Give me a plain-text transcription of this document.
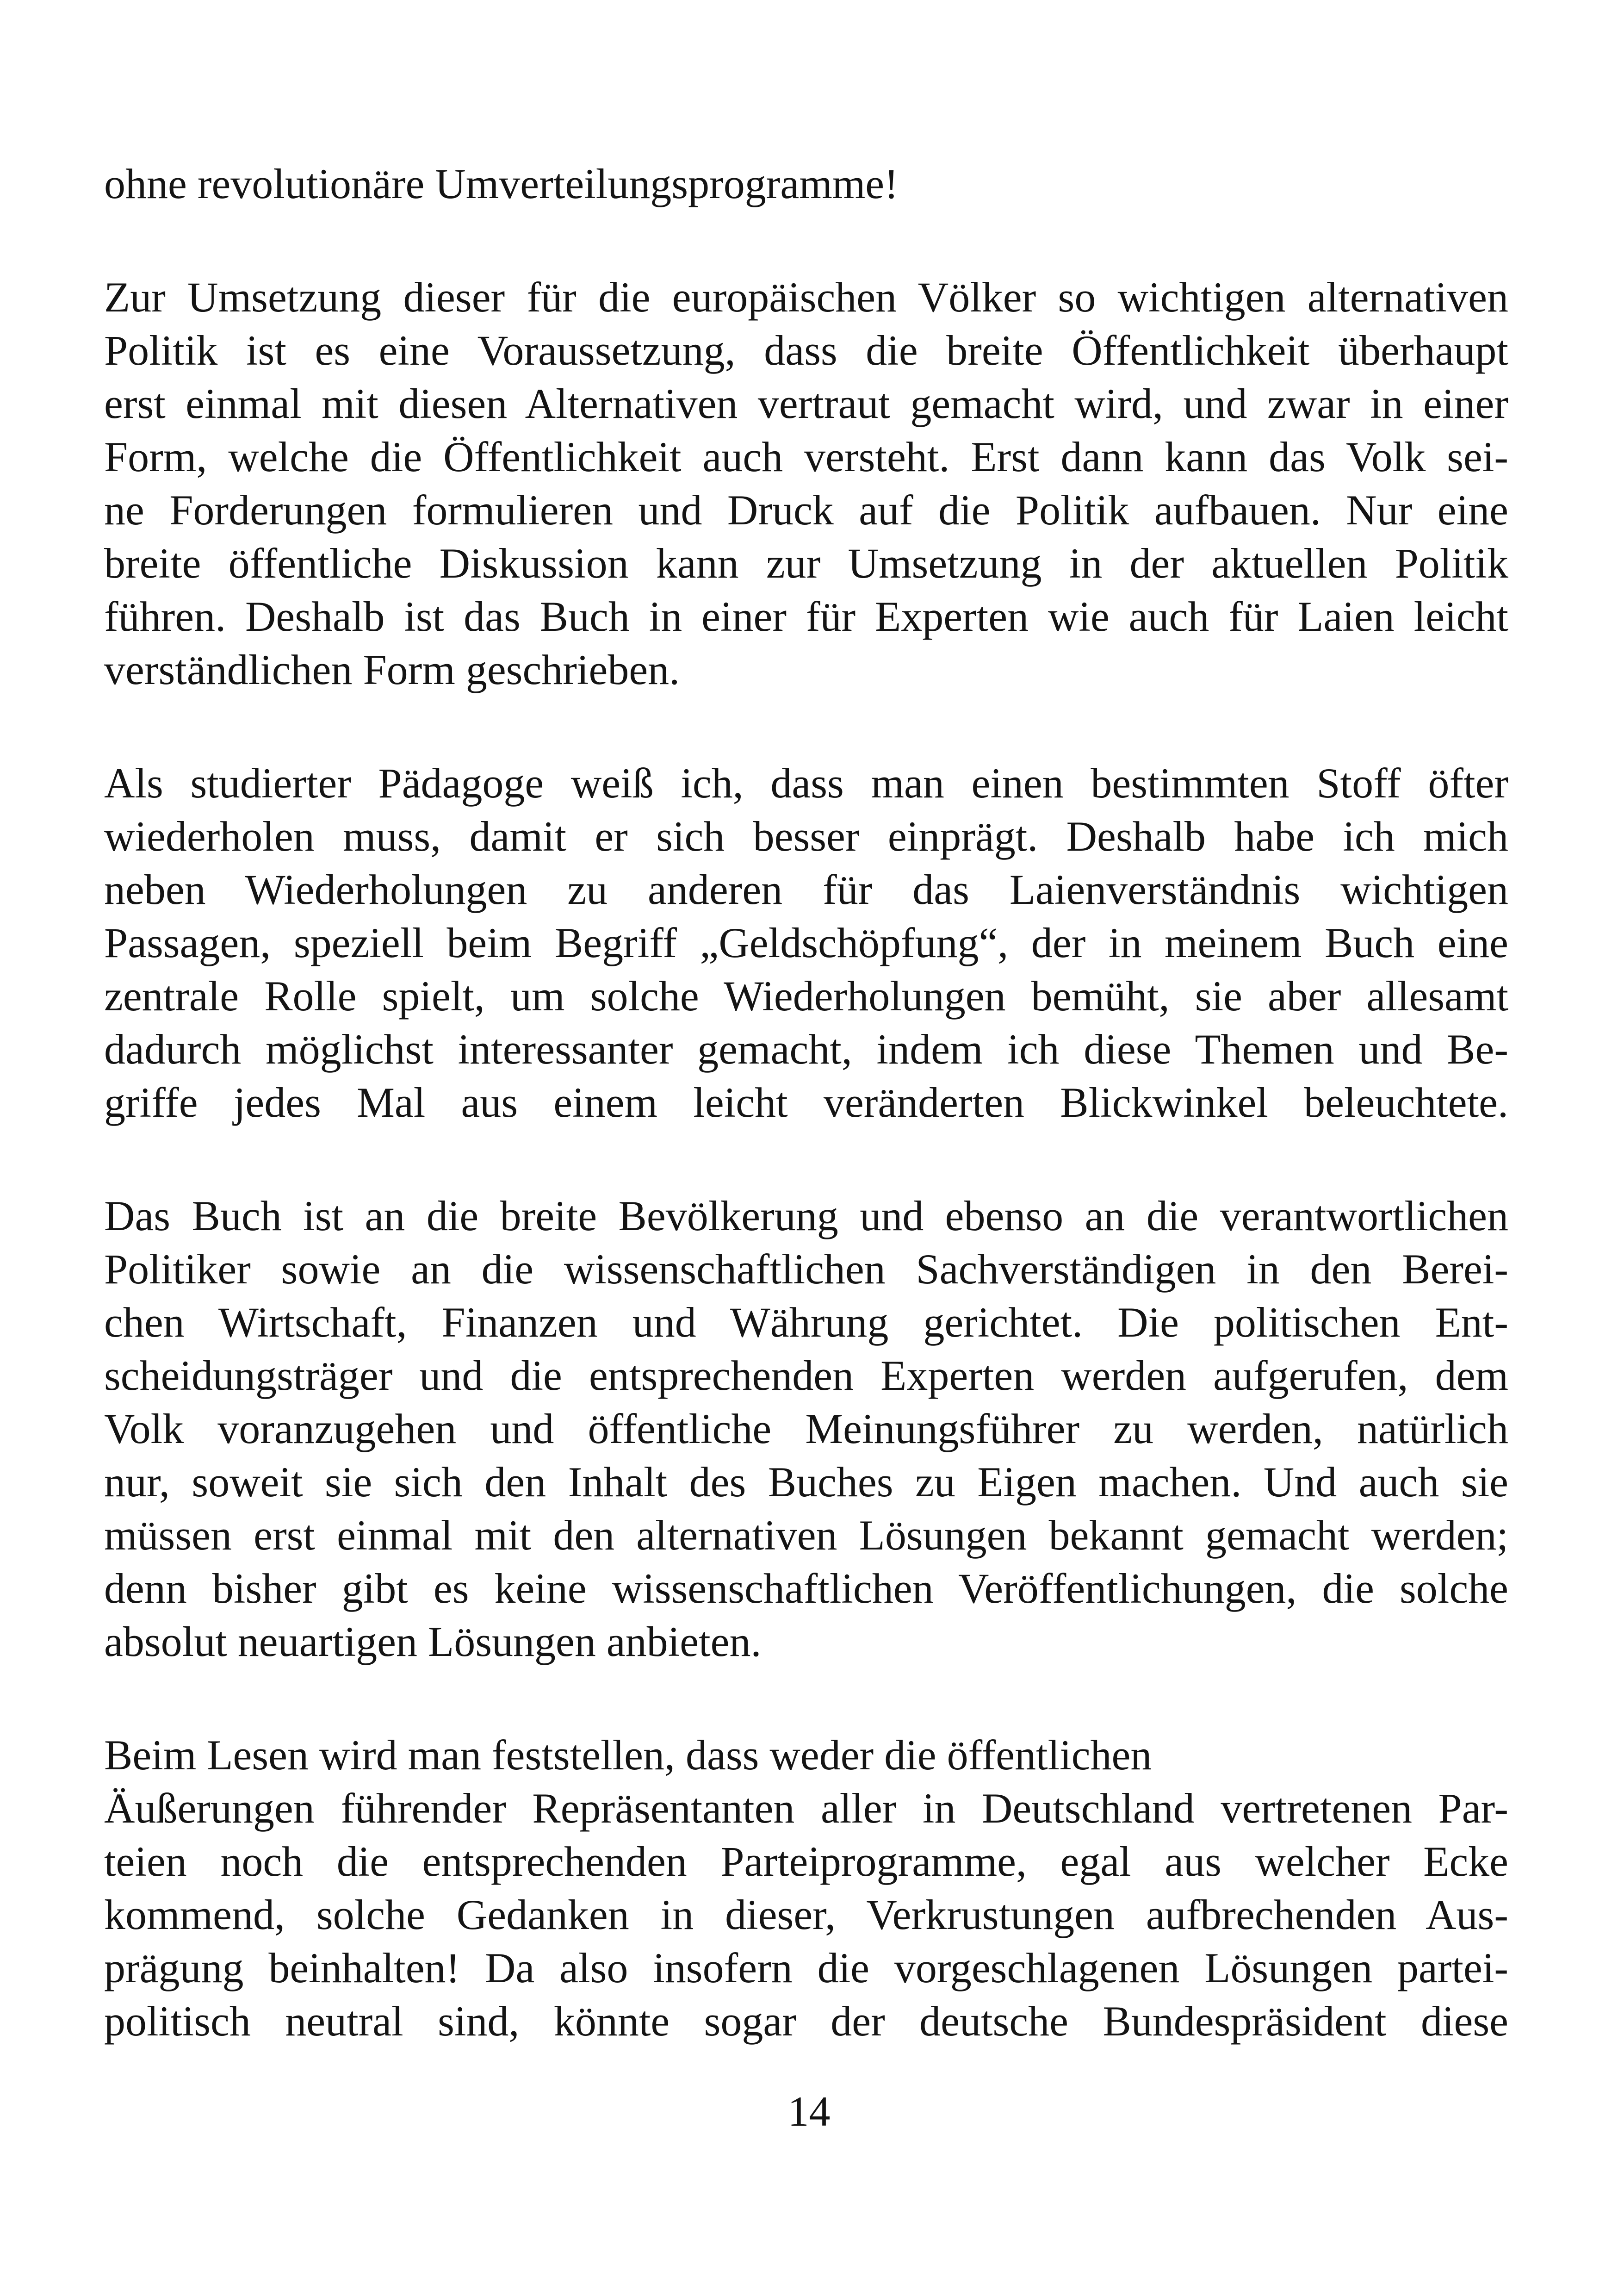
ohne revolutionäre Umverteilungsprogramme!
Zur Umsetzung dieser für die europäischen Völker so wichtigen alternativen
Politik ist es eine Voraussetzung, dass die breite Öffentlichkeit überhaupt
erst einmal mit diesen Alternativen vertraut gemacht wird, und zwar in einer
Form, welche die Öffentlichkeit auch versteht. Erst dann kann das Volk sei-
ne Forderungen formulieren und Druck auf die Politik aufbauen. Nur eine
breite öffentliche Diskussion kann zur Umsetzung in der aktuellen Politik
führen. Deshalb ist das Buch in einer für Experten wie auch für Laien leicht
verständlichen Form geschrieben.
Als studierter Pädagoge weiß ich, dass man einen bestimmten Stoff öfter
wiederholen muss, damit er sich besser einprägt. Deshalb habe ich mich
neben Wiederholungen zu anderen für das Laienverständnis wichtigen
Passagen, speziell beim Begriff „Geldschöpfung“, der in meinem Buch eine
zentrale Rolle spielt, um solche Wiederholungen bemüht, sie aber allesamt
dadurch möglichst interessanter gemacht, indem ich diese Themen und Be-
griffe jedes Mal aus einem leicht veränderten Blickwinkel beleuchtete.
Das Buch ist an die breite Bevölkerung und ebenso an die verantwortlichen
Politiker sowie an die wissenschaftlichen Sachverständigen in den Berei-
chen Wirtschaft, Finanzen und Währung gerichtet. Die politischen Ent-
scheidungsträger und die entsprechenden Experten werden aufgerufen, dem
Volk voranzugehen und öffentliche Meinungsführer zu werden, natürlich
nur, soweit sie sich den Inhalt des Buches zu Eigen machen. Und auch sie
müssen erst einmal mit den alternativen Lösungen bekannt gemacht werden;
denn bisher gibt es keine wissenschaftlichen Veröffentlichungen, die solche
absolut neuartigen Lösungen anbieten.
Beim Lesen wird man feststellen, dass weder die öffentlichen
Äußerungen führender Repräsentanten aller in Deutschland vertretenen Par-
teien noch die entsprechenden Parteiprogramme, egal aus welcher Ecke
kommend, solche Gedanken in dieser, Verkrustungen aufbrechenden Aus-
prägung beinhalten! Da also insofern die vorgeschlagenen Lösungen partei-
politisch neutral sind, könnte sogar der deutsche Bundespräsident diese
14
